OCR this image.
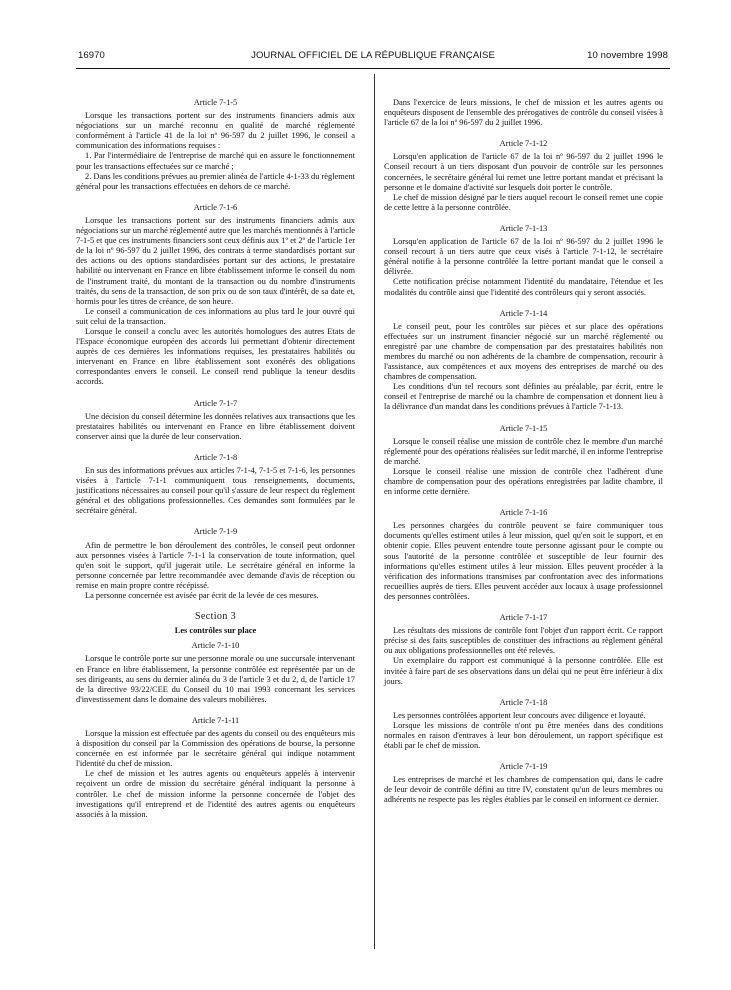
16970	JOURNAL OFFICIEL DE LA RÉPUBLIQUE FRANÇAISE	10 novembre 1998
Article 7-1-5

Lorsque les transactions portent sur des instruments financiers admis aux négociations sur un marché reconnu en qualité de marché réglementé conformément à l'article 41 de la loi nº 96-597 du 2 juillet 1996, le conseil a communication des informations requises :

1. Par l'intermédiaire de l'entreprise de marché qui en assure le fonctionnement pour les transactions effectuées sur ce marché ;

2. Dans les conditions prévues au premier alinéa de l'article 4-1-33 du règlement général pour les transactions effectuées en dehors de ce marché.

Article 7-1-6

Lorsque les transactions portent sur des instruments financiers admis aux négociations sur un marché réglementé autre que les marchés mentionnés à l'article 7-1-5 et que ces instruments financiers sont ceux définis aux 1º et 2º de l'article 1er de la loi nº 96-597 du 2 juillet 1996, des contrats à terme standardisés portant sur des actions ou des options standardisées portant sur des actions, le prestataire habilité ou intervenant en France en libre établissement informe le conseil du nom de l'instrument traité, du montant de la transaction ou du nombre d'instruments traités, du sens de la transaction, de son prix ou de son taux d'intérêt, de sa date et, hormis pour les titres de créance, de son heure.

Le conseil a communication de ces informations au plus tard le jour ouvré qui suit celui de la transaction.

Lorsque le conseil a conclu avec les autorités homologues des autres Etats de l'Espace économique européen des accords lui permettant d'obtenir directement auprès de ces dernières les informations requises, les prestataires habilités ou intervenant en France en libre établissement sont exonérés des obligations correspondantes envers le conseil. Le conseil rend publique la teneur desdits accords.

Article 7-1-7

Une décision du conseil détermine les données relatives aux transactions que les prestataires habilités ou intervenant en France en libre établissement doivent conserver ainsi que la durée de leur conservation.

Article 7-1-8

En sus des informations prévues aux articles 7-1-4, 7-1-5 et 7-1-6, les personnes visées à l'article 7-1-1 communiquent tous renseignements, documents, justifications nécessaires au conseil pour qu'il s'assure de leur respect du règlement général et des obligations professionnelles. Ces demandes sont formulées par le secrétaire général.

Article 7-1-9

Afin de permettre le bon déroulement des contrôles, le conseil peut ordonner aux personnes visées à l'article 7-1-1 la conservation de toute information, quel qu'en soit le support, qu'il jugerait utile. Le secrétaire général en informe la personne concernée par lettre recommandée avec demande d'avis de réception ou remise en main propre contre récépissé.

La personne concernée est avisée par écrit de la levée de ces mesures.

Section 3
Les contrôles sur place
Article 7-1-10

Lorsque le contrôle porte sur une personne morale ou une succursale intervenant en France en libre établissement, la personne contrôlée est représentée par un de ses dirigeants, au sens du dernier alinéa du 3 de l'article 3 et du 2, d, de l'article 17 de la directive 93/22/CEE du Conseil du 10 mai 1993 concernant les services d'investissement dans le domaine des valeurs mobilières.

Article 7-1-11

Lorsque la mission est effectuée par des agents du conseil ou des enquêteurs mis à disposition du conseil par la Commission des opérations de bourse, la personne concernée en est informée par le secrétaire général qui indique notamment l'identité du chef de mission.

Le chef de mission et les autres agents ou enquêteurs appelés à intervenir reçoivent un ordre de mission du secrétaire général indiquant la personne à contrôler. Le chef de mission informe la personne concernée de l'objet des investigations qu'il entreprend et de l'identité des autres agents ou enquêteurs associés à la mission.

Dans l'exercice de leurs missions, le chef de mission et les autres agents ou enquêteurs disposent de l'ensemble des prérogatives de contrôle du conseil visées à l'article 67 de la loi nº 96-597 du 2 juillet 1996.

Article 7-1-12

Lorsqu'en application de l'article 67 de la loi nº 96-597 du 2 juillet 1996 le Conseil recourt à un tiers disposant d'un pouvoir de contrôle sur les personnes concernées, le secrétaire général lui remet une lettre portant mandat et précisant la personne et le domaine d'activité sur lesquels doit porter le contrôle.

Le chef de mission désigné par le tiers auquel recourt le conseil remet une copie de cette lettre à la personne contrôlée.

Article 7-1-13

Lorsqu'en application de l'article 67 de la loi nº 96-597 du 2 juillet 1996 le conseil recourt à un tiers autre que ceux visés à l'article 7-1-12, le secrétaire général notifie à la personne contrôlée la lettre portant mandat que le conseil a délivrée.

Cette notification précise notamment l'identité du mandataire, l'étendue et les modalités du contrôle ainsi que l'identité des contrôleurs qui y seront associés.

Article 7-1-14

Le conseil peut, pour les contrôles sur pièces et sur place des opérations effectuées sur un instrument financier négocié sur un marché réglementé ou enregistré par une chambre de compensation par des prestataires habilités non membres du marché ou non adhérents de la chambre de compensation, recourir à l'assistance, aux compétences et aux moyens des entreprises de marché ou des chambres de compensation.

Les conditions d'un tel recours sont définies au préalable, par écrit, entre le conseil et l'entreprise de marché ou la chambre de compensation et donnent lieu à la délivrance d'un mandat dans les conditions prévues à l'article 7-1-13.

Article 7-1-15

Lorsque le conseil réalise une mission de contrôle chez le membre d'un marché réglementé pour des opérations réalisées sur ledit marché, il en informe l'entreprise de marché.

Lorsque le conseil réalise une mission de contrôle chez l'adhérent d'une chambre de compensation pour des opérations enregistrées par ladite chambre, il en informe cette dernière.

Article 7-1-16

Les personnes chargées du contrôle peuvent se faire communiquer tous documents qu'elles estiment utiles à leur mission, quel qu'en soit le support, et en obtenir copie. Elles peuvent entendre toute personne agissant pour le compte ou sous l'autorité de la personne contrôlée et susceptible de leur fournir des informations qu'elles estiment utiles à leur mission. Elles peuvent procéder à la vérification des informations transmises par confrontation avec des informations recueillies auprès de tiers. Elles peuvent accéder aux locaux à usage professionnel des personnes contrôlées.

Article 7-1-17

Les résultats des missions de contrôle font l'objet d'un rapport écrit. Ce rapport précise si des faits susceptibles de constituer des infractions au règlement général ou aux obligations professionnelles ont été relevés.

Un exemplaire du rapport est communiqué à la personne contrôlée. Elle est invitée à faire part de ses observations dans un délai qui ne peut être inférieur à dix jours.

Article 7-1-18

Les personnes contrôlées apportent leur concours avec diligence et loyauté.

Lorsque les missions de contrôle n'ont pu être menées dans des conditions normales en raison d'entraves à leur bon déroulement, un rapport spécifique est établi par le chef de mission.

Article 7-1-19

Les entreprises de marché et les chambres de compensation qui, dans le cadre de leur devoir de contrôle défini au titre IV, constatent qu'un de leurs membres ou adhérents ne respecte pas les règles établies par le conseil en informent ce dernier.
